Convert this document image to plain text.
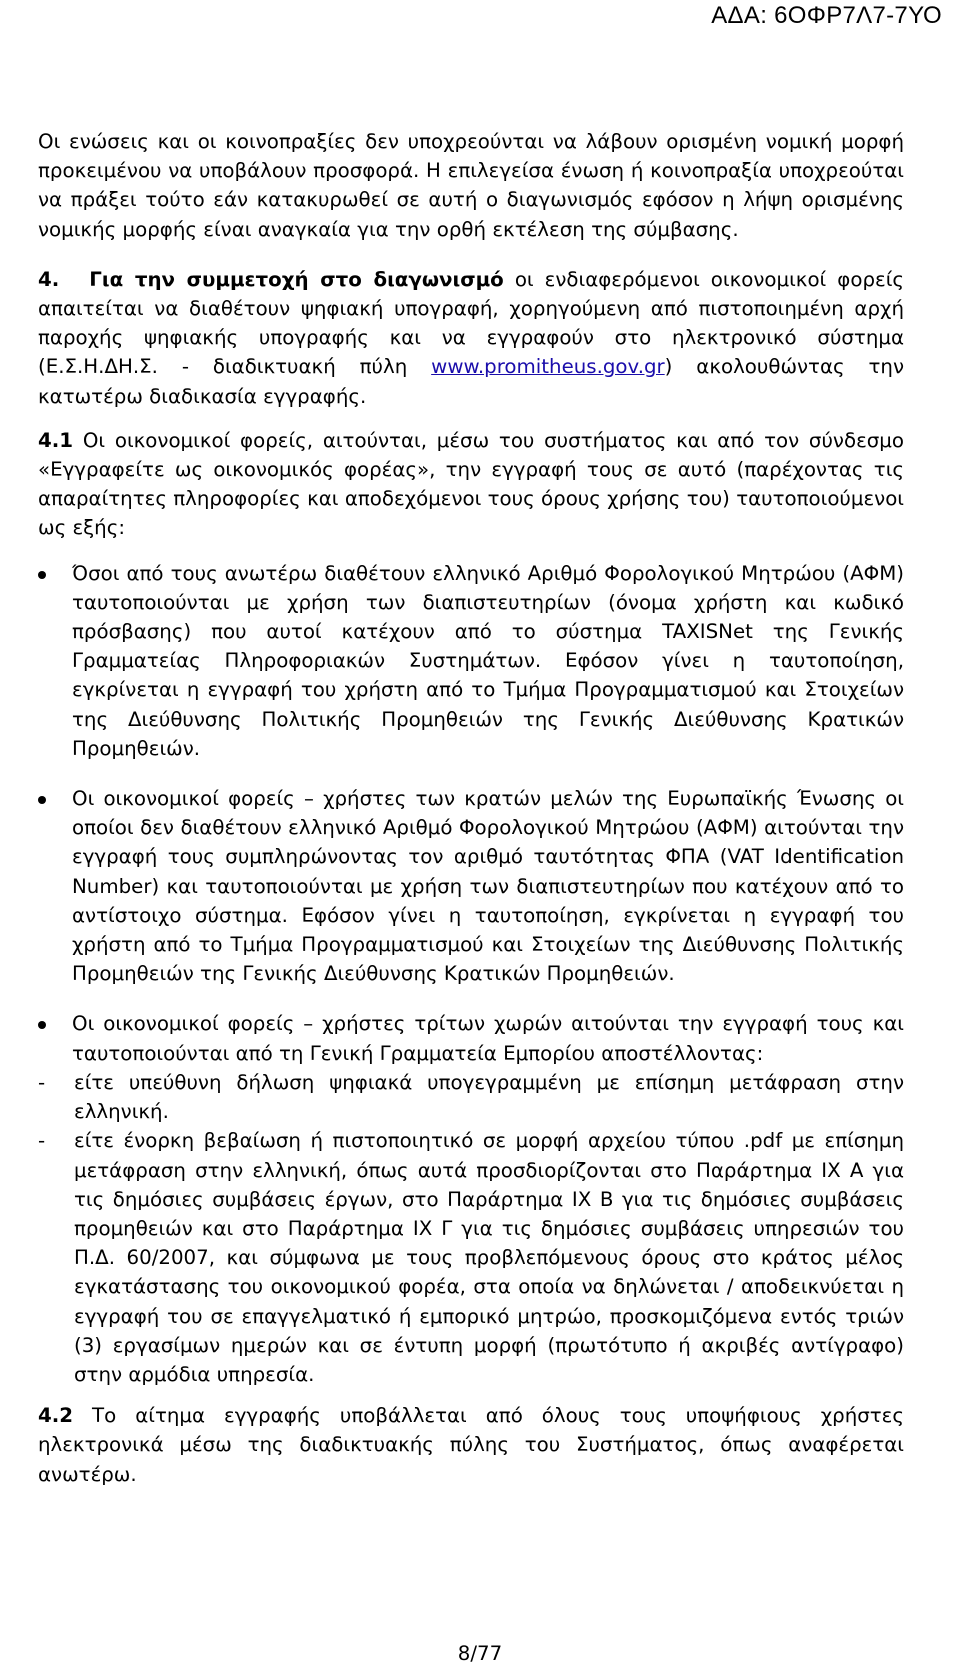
ΑΔΑ: 6ΟΦΡ7Λ7-7ΥΟ

Οι ενώσεις και οι κοινοπραξίες δεν υποχρεούνται να λάβουν ορισμένη νομική μορφή προκειμένου να υποβάλουν προσφορά. Η επιλεγείσα ένωση ή κοινοπραξία υποχρεούται να πράξει τούτο εάν κατακυρωθεί σε αυτή ο διαγωνισμός εφόσον η λήψη ορισμένης νομικής μορφής είναι αναγκαία για την ορθή εκτέλεση της σύμβασης.

4. Για την συμμετοχή στο διαγωνισμό οι ενδιαφερόμενοι οικονομικοί φορείς απαιτείται να διαθέτουν ψηφιακή υπογραφή, χορηγούμενη από πιστοποιημένη αρχή παροχής ψηφιακής υπογραφής και να εγγραφούν στο ηλεκτρονικό σύστημα (Ε.Σ.Η.ΔΗ.Σ. - διαδικτυακή πύλη www.promitheus.gov.gr) ακολουθώντας την κατωτέρω διαδικασία εγγραφής.

4.1 Οι οικονομικοί φορείς, αιτούνται, μέσω του συστήματος και από τον σύνδεσμο «Εγγραφείτε ως οικονομικός φορέας», την εγγραφή τους σε αυτό (παρέχοντας τις απαραίτητες πληροφορίες και αποδεχόμενοι τους όρους χρήσης του) ταυτοποιούμενοι ως εξής:

Όσοι από τους ανωτέρω διαθέτουν ελληνικό Αριθμό Φορολογικού Μητρώου (ΑΦΜ) ταυτοποιούνται με χρήση των διαπιστευτηρίων (όνομα χρήστη και κωδικό πρόσβασης) που αυτοί κατέχουν από το σύστημα TAXISNet της Γενικής Γραμματείας Πληροφοριακών Συστημάτων. Εφόσον γίνει η ταυτοποίηση, εγκρίνεται η εγγραφή του χρήστη από το Τμήμα Προγραμματισμού και Στοιχείων της Διεύθυνσης Πολιτικής Προμηθειών της Γενικής Διεύθυνσης Κρατικών Προμηθειών.
Οι οικονομικοί φορείς – χρήστες των κρατών μελών της Ευρωπαϊκής Ένωσης οι οποίοι δεν διαθέτουν ελληνικό Αριθμό Φορολογικού Μητρώου (ΑΦΜ) αιτούνται την εγγραφή τους συμπληρώνοντας τον αριθμό ταυτότητας ΦΠΑ (VAT Identification Number) και ταυτοποιούνται με χρήση των διαπιστευτηρίων που κατέχουν από το αντίστοιχο σύστημα. Εφόσον γίνει η ταυτοποίηση, εγκρίνεται η εγγραφή του χρήστη από το Τμήμα Προγραμματισμού και Στοιχείων της Διεύθυνσης Πολιτικής Προμηθειών της Γενικής Διεύθυνσης Κρατικών Προμηθειών.
Οι οικονομικοί φορείς – χρήστες τρίτων χωρών αιτούνται την εγγραφή τους και ταυτοποιούνται από τη Γενική Γραμματεία Εμπορίου αποστέλλοντας:
- είτε υπεύθυνη δήλωση ψηφιακά υπογεγραμμένη με επίσημη μετάφραση στην ελληνική.
- είτε ένορκη βεβαίωση ή πιστοποιητικό σε μορφή αρχείου τύπου .pdf με επίσημη μετάφραση στην ελληνική, όπως αυτά προσδιορίζονται στο Παράρτημα IX A για τις δημόσιες συμβάσεις έργων, στο Παράρτημα IX B για τις δημόσιες συμβάσεις προμηθειών και στο Παράρτημα IX Γ για τις δημόσιες συμβάσεις υπηρεσιών του Π.Δ. 60/2007, και σύμφωνα με τους προβλεπόμενους όρους στο κράτος μέλος εγκατάστασης του οικονομικού φορέα, στα οποία να δηλώνεται / αποδεικνύεται η εγγραφή του σε επαγγελματικό ή εμπορικό μητρώο, προσκομιζόμενα εντός τριών (3) εργασίμων ημερών και σε έντυπη μορφή (πρωτότυπο ή ακριβές αντίγραφο) στην αρμόδια υπηρεσία.

4.2 Το αίτημα εγγραφής υποβάλλεται από όλους τους υποψήφιους χρήστες ηλεκτρονικά μέσω της διαδικτυακής πύλης του Συστήματος, όπως αναφέρεται ανωτέρω.

8/77
